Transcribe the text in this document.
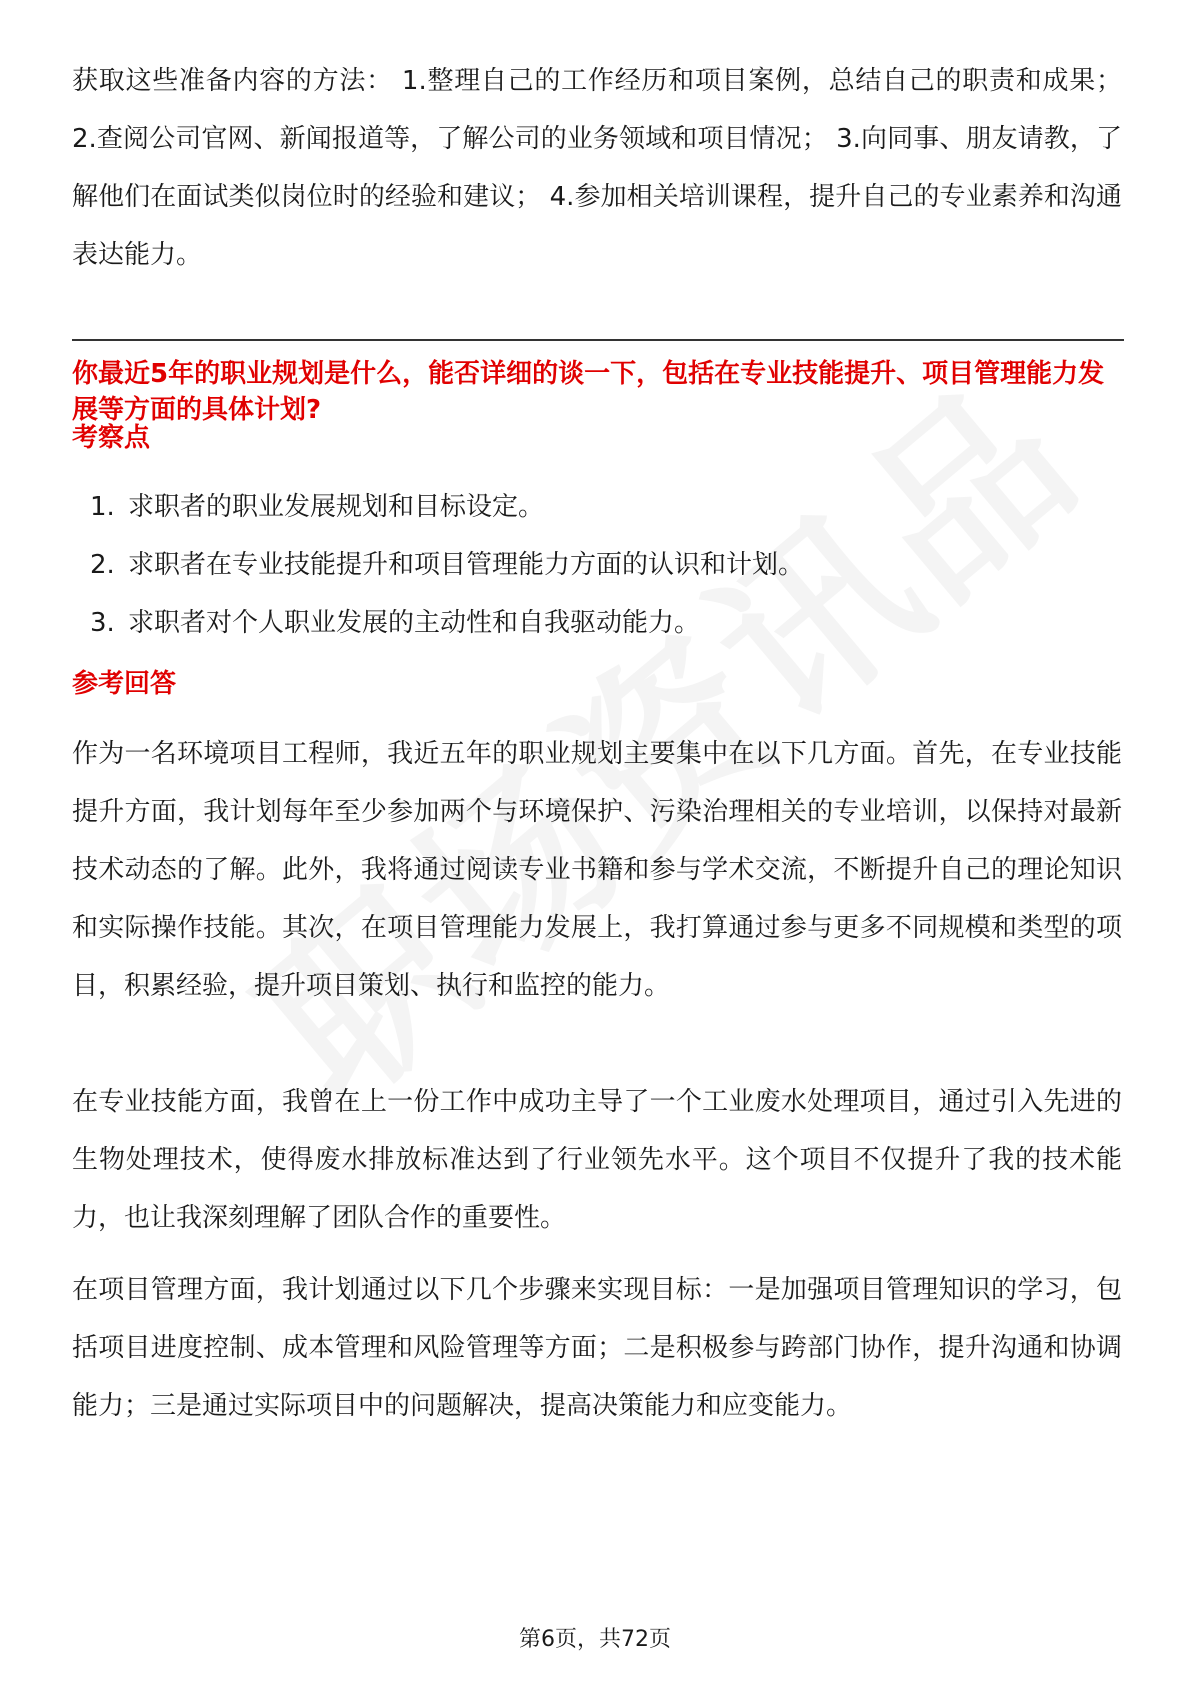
获取这些准备内容的方法： 1.整理自己的工作经历和项目案例，总结自己的职责和成果； 2.查阅公司官网、新闻报道等，了解公司的业务领域和项目情况； 3.向同事、朋友请教，了解他们在面试类似岗位时的经验和建议； 4.参加相关培训课程，提升自己的专业素养和沟通表达能力。

你最近5年的职业规划是什么，能否详细的谈一下，包括在专业技能提升、项目管理能力发展等方面的具体计划?

考察点

1. 求职者的职业发展规划和目标设定。
2. 求职者在专业技能提升和项目管理能力方面的认识和计划。
3. 求职者对个人职业发展的主动性和自我驱动能力。

参考回答

作为一名环境项目工程师，我近五年的职业规划主要集中在以下几方面。首先，在专业技能提升方面，我计划每年至少参加两个与环境保护、污染治理相关的专业培训，以保持对最新技术动态的了解。此外，我将通过阅读专业书籍和参与学术交流，不断提升自己的理论知识和实际操作技能。其次，在项目管理能力发展上，我打算通过参与更多不同规模和类型的项目，积累经验，提升项目策划、执行和监控的能力。

在专业技能方面，我曾在上一份工作中成功主导了一个工业废水处理项目，通过引入先进的生物处理技术，使得废水排放标准达到了行业领先水平。这个项目不仅提升了我的技术能力，也让我深刻理解了团队合作的重要性。

在项目管理方面，我计划通过以下几个步骤来实现目标：一是加强项目管理知识的学习，包括项目进度控制、成本管理和风险管理等方面；二是积极参与跨部门协作，提升沟通和协调能力；三是通过实际项目中的问题解决，提高决策能力和应变能力。

第6页，共72页
